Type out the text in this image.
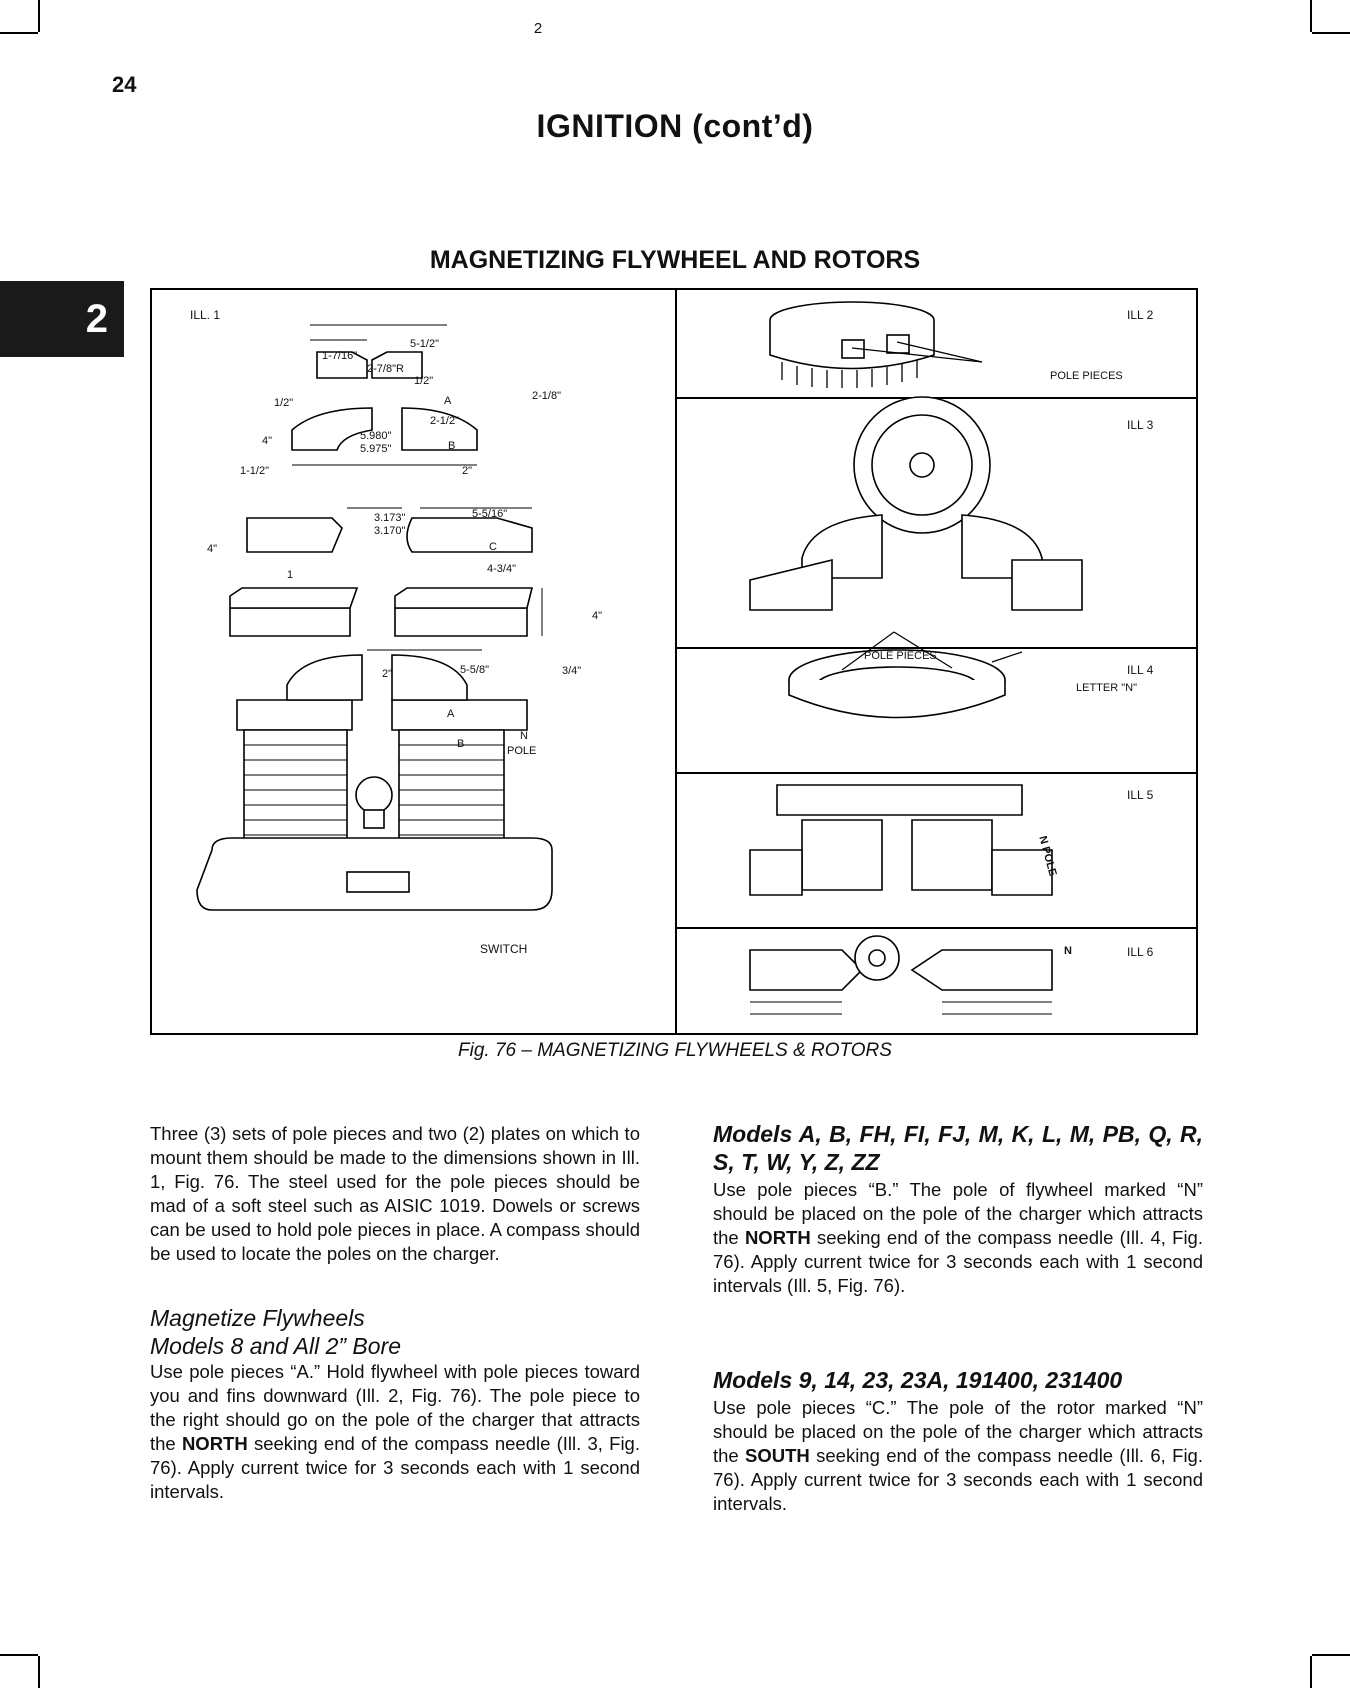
2
24
IGNITION (cont’d)
2
MAGNETIZING FLYWHEEL AND ROTORS
ILL. 1
5-1/2"
1-7/16"
2-7/8"R
1/2"
1/2"	A	2-1/8"
2-1/2"
4"	5.980"
5.975"	B
1-1/2"	2"
3.173"
3.170"
5-5/16"
4"	C
1	4-3/4"
4"
2"	5-5/8"	3/4"
A
B
N
POLE
SWITCH
ILL 2
POLE PIECES
ILL 3
POLE PIECES
ILL 4
LETTER "N"
ILL 5
N POLE
ILL 6
N
Fig. 76 – MAGNETIZING FLYWHEELS & ROTORS

Three (3) sets of pole pieces and two (2) plates on which to mount them should be made to the dimensions shown in Ill. 1, Fig. 76. The steel used for the pole pieces should be mad of a soft steel such as AISIC 1019. Dowels or screws can be used to hold pole pieces in place. A compass should be used to locate the poles on the charger.

Magnetize Flywheels

Models 8 and All 2” Bore

Use pole pieces “A.” Hold flywheel with pole pieces toward you and fins downward (Ill. 2, Fig. 76). The pole piece to the right should go on the pole of the charger that attracts the NORTH seeking end of the compass needle (Ill. 3, Fig. 76). Apply current twice for 3 seconds each with 1 second intervals.

Models A, B, FH, FI, FJ, M, K, L, M, PB, Q, R, S, T, W, Y, Z, ZZ

Use pole pieces “B.” The pole of flywheel marked “N” should be placed on the pole of the charger which attracts the NORTH seeking end of the compass needle (Ill. 4, Fig. 76). Apply current twice for 3 seconds each with 1 second intervals (Ill. 5, Fig. 76).

Models 9, 14, 23, 23A, 191400, 231400

Use pole pieces “C.” The pole of the rotor marked “N” should be placed on the pole of the charger which attracts the SOUTH seeking end of the compass needle (Ill. 6, Fig. 76). Apply current twice for 3 seconds each with 1 second intervals.
